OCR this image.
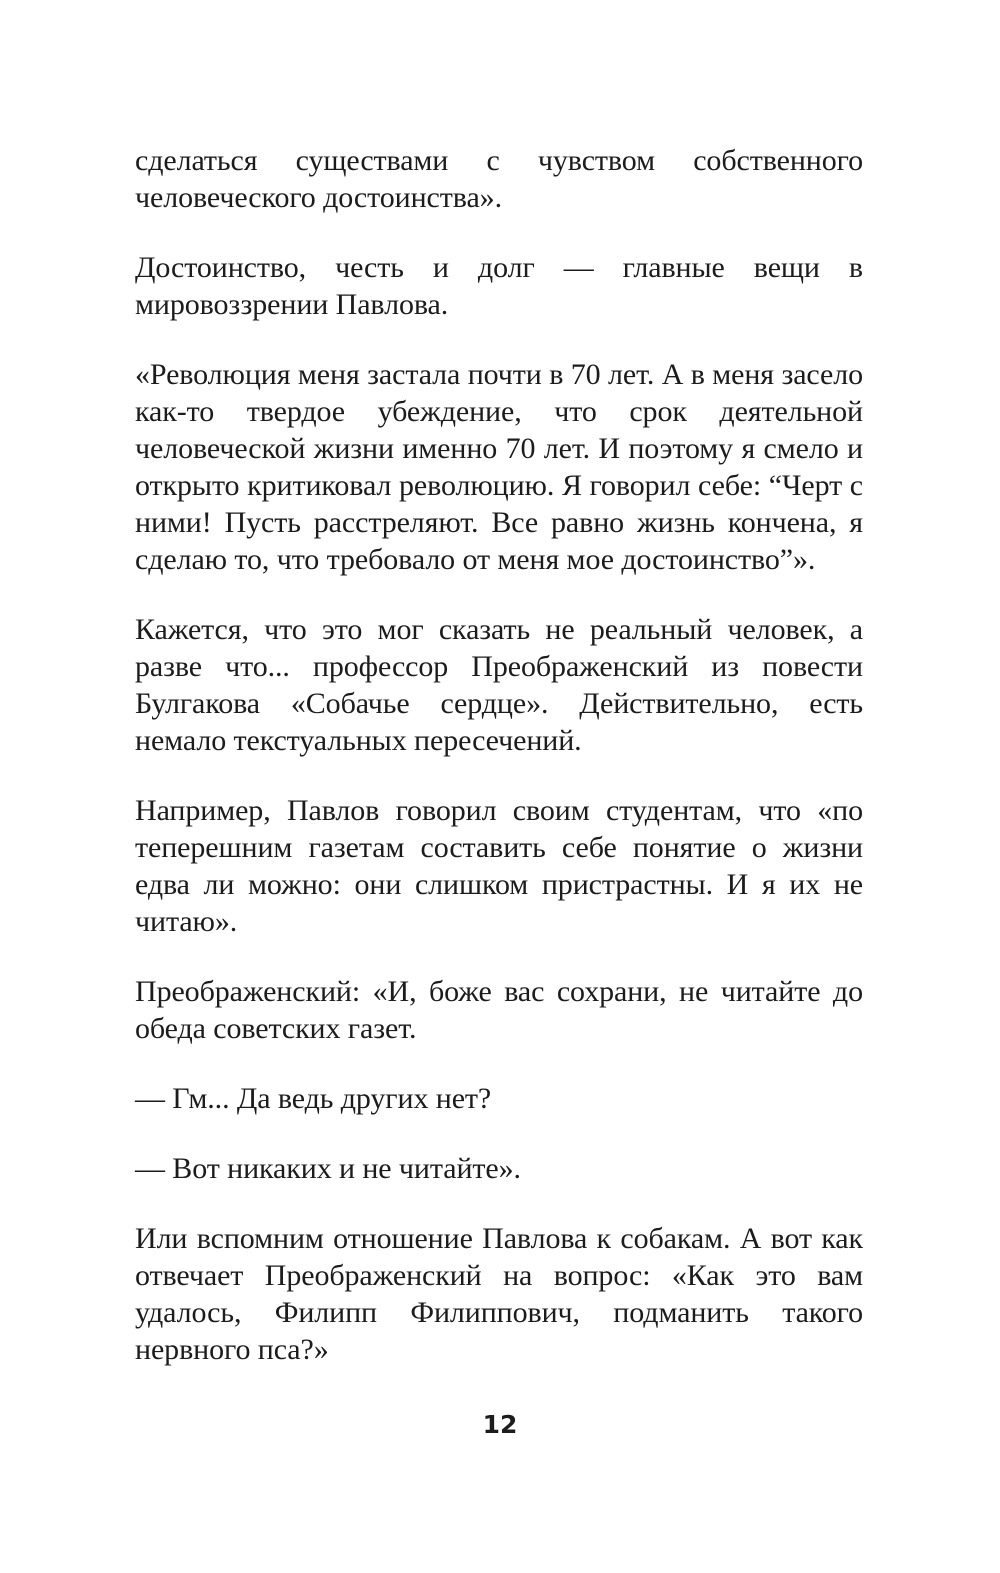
сделаться существами с чувством собственного человеческого достоинства».

Достоинство, честь и долг — главные вещи в мировоззрении Павлова.

«Революция меня застала почти в 70 лет. А в меня засело как-то твердое убеждение, что срок деятельной человеческой жизни именно 70 лет. И поэтому я смело и открыто критиковал революцию. Я говорил себе: “Черт с ними! Пусть расстреляют. Все равно жизнь кончена, я сделаю то, что требовало от меня мое достоинство”».

Кажется, что это мог сказать не реальный человек, а разве что... профессор Преображенский из повести Булгакова «Собачье сердце». Действительно, есть немало текстуальных пересечений.

Например, Павлов говорил своим студентам, что «по теперешним газетам составить себе понятие о жизни едва ли можно: они слишком пристрастны. И я их не читаю».

Преображенский: «И, боже вас сохрани, не читайте до обеда советских газет.

— Гм... Да ведь других нет?

— Вот никаких и не читайте».

Или вспомним отношение Павлова к собакам. А вот как отвечает Преображенский на вопрос: «Как это вам удалось, Филипп Филиппович, подманить такого нервного пса?»

12
